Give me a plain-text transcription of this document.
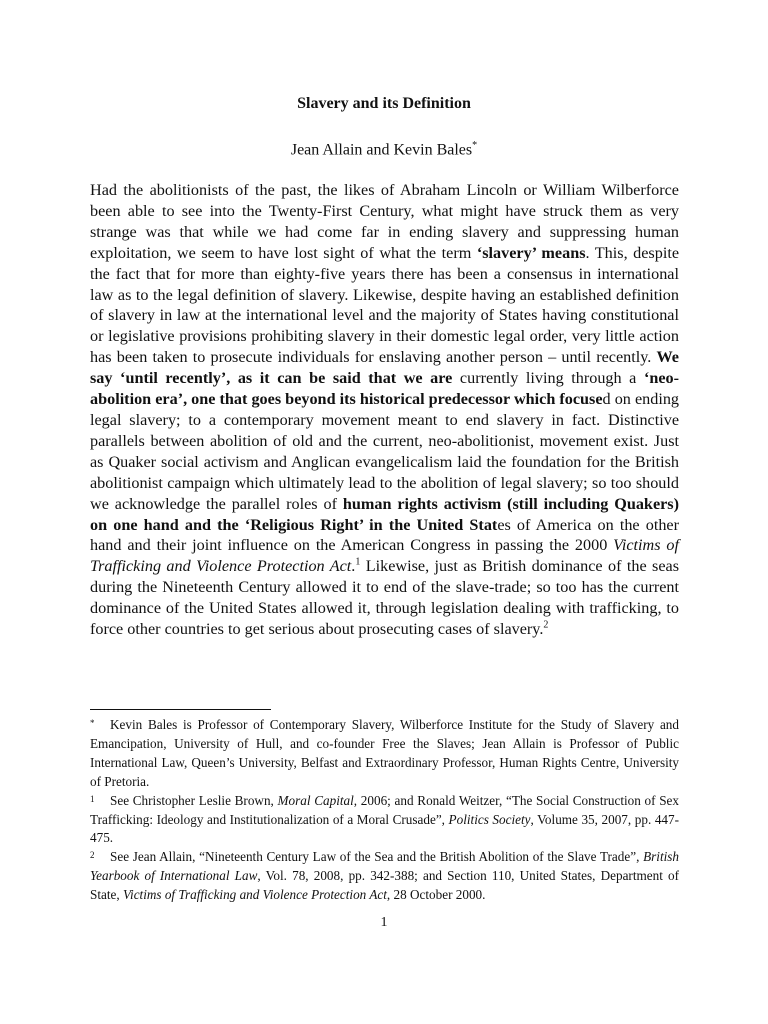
Slavery and its Definition
Jean Allain and Kevin Bales*
Had the abolitionists of the past, the likes of Abraham Lincoln or William Wilberforce been able to see into the Twenty-First Century, what might have struck them as very strange was that while we had come far in ending slavery and suppressing human exploitation, we seem to have lost sight of what the term ‘slavery’ means. This, despite the fact that for more than eighty-five years there has been a consensus in international law as to the legal definition of slavery. Likewise, despite having an established definition of slavery in law at the international level and the majority of States having constitutional or legislative provisions prohibiting slavery in their domestic legal order, very little action has been taken to prosecute individuals for enslaving another person – until recently. We say ‘until recently’, as it can be said that we are currently living through a ‘neo-abolition era’, one that goes beyond its historical predecessor which focused on ending legal slavery; to a contemporary movement meant to end slavery in fact. Distinctive parallels between abolition of old and the current, neo-abolitionist, movement exist. Just as Quaker social activism and Anglican evangelicalism laid the foundation for the British abolitionist campaign which ultimately lead to the abolition of legal slavery; so too should we acknowledge the parallel roles of human rights activism (still including Quakers) on one hand and the ‘Religious Right’ in the United States of America on the other hand and their joint influence on the American Congress in passing the 2000 Victims of Trafficking and Violence Protection Act.$^1$ Likewise, just as British dominance of the seas during the Nineteenth Century allowed it to end of the slave-trade; so too has the current dominance of the United States allowed it, through legislation dealing with trafficking, to force other countries to get serious about prosecuting cases of slavery.$^2$

* Kevin Bales is Professor of Contemporary Slavery, Wilberforce Institute for the Study of Slavery and Emancipation, University of Hull, and co-founder Free the Slaves; Jean Allain is Professor of Public International Law, Queen’s University, Belfast and Extraordinary Professor, Human Rights Centre, University of Pretoria.

1 See Christopher Leslie Brown, Moral Capital, 2006; and Ronald Weitzer, “The Social Construction of Sex Trafficking: Ideology and Institutionalization of a Moral Crusade”, Politics Society, Volume 35, 2007, pp. 447-475.

2 See Jean Allain, “Nineteenth Century Law of the Sea and the British Abolition of the Slave Trade”, British Yearbook of International Law, Vol. 78, 2008, pp. 342-388; and Section 110, United States, Department of State, Victims of Trafficking and Violence Protection Act, 28 October 2000.

1
